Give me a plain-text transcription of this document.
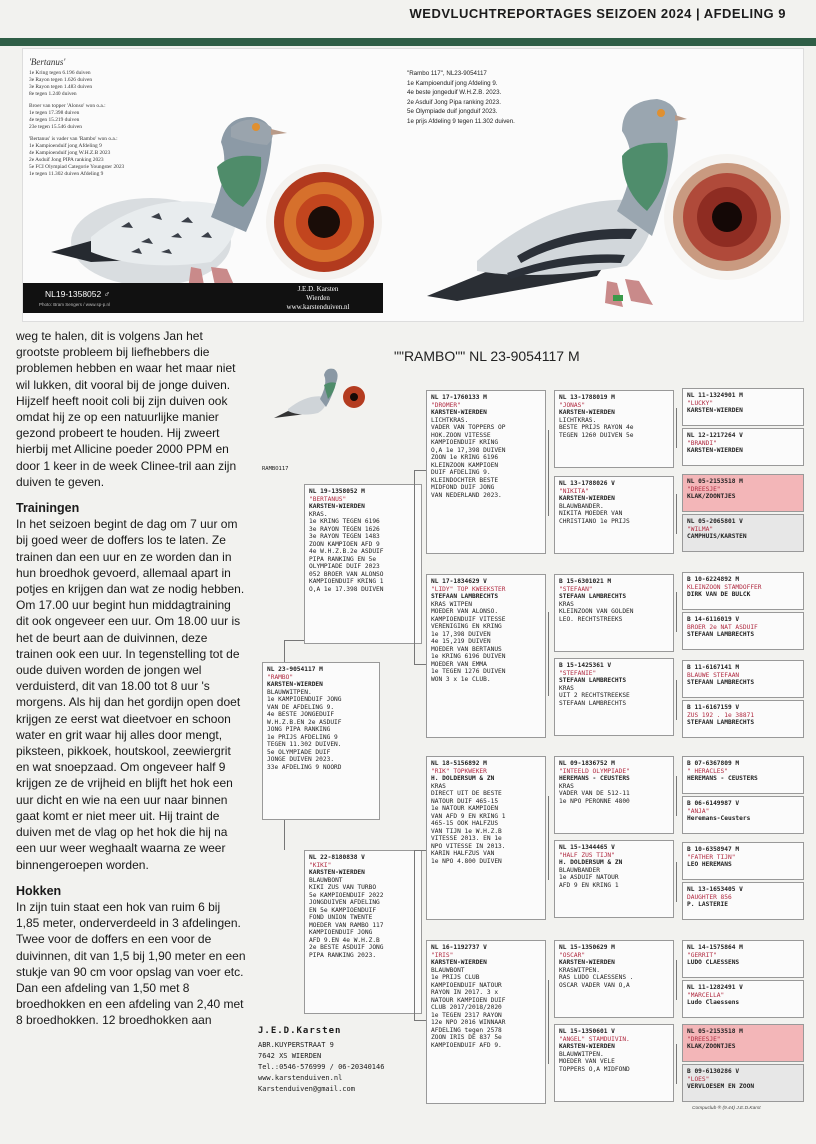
WEDVLUCHTREPORTAGES SEIZOEN 2024 | AFDELING 9
'Bertanus'
1e Kring tegen 6.196 duiven
3e Rayon tegen 1.626 duiven
3e Rayon tegen 1.483 duiven
8e tegen 1.240 duiven
Broer van topper 'Alonso' won o.a.:
1e tegen 17.398 duiven
4e tegen 15.219 duiven
23e tegen 15.546 duiven
'Bertanus' is vader van 'Rambo' won o.a.:
1e Kampioenduif jong Afdeling 9
4e Kampioenduif jong W.H.Z.B 2023
2e Asduif Jong PIPA ranking 2023
5e FCI Olympiad Categorie Youngster 2023
1e tegen 11.302 duiven Afdeling 9
"Rambo 117", NL23-9054117
1e Kampioenduif jong Afdeling 9.
4e beste jongeduif W.H.Z.B. 2023.
2e Asduif Jong Pipa ranking 2023.
5e Olympiade duif jongduif 2023.
1e prijs Afdeling 9 tegen 11.302 duiven.
NL19-1358052 ♂
Photo: Bram Sengers / www.sp-p.nl
J.E.D. Karsten
Wierden
www.karstenduiven.nl

weg te halen, dit is volgens Jan het grootste probleem bij liefhebbers die problemen hebben en waar het maar niet wil lukken, dit vooral bij de jonge duiven. Hijzelf heeft nooit coli bij zijn duiven ook omdat hij ze op een natuurlijke manier gezond probeert te houden. Hij zweert hierbij met Allicine poeder 2000 PPM en door 1 keer in de week Clinee-tril aan zijn duiven te geven.

Trainingen

In het seizoen begint de dag om 7 uur om bij goed weer de doffers los te laten. Ze trainen dan een uur en ze worden dan in hun broedhok gevoerd, allemaal apart in potjes en krijgen dan wat ze nodig hebben. Om 17.00 uur begint hun middagtraining dit ook ongeveer een uur. Om 18.00 uur is het de beurt aan de duivinnen, deze trainen ook een uur. In tegenstelling tot de oude duiven worden de jongen wel verduisterd, dit van 18.00 tot 8 uur 's morgens. Als hij dan het gordijn open doet krijgen ze eerst wat dieetvoer en schoon water en grit waar hij alles door mengt, piksteen, pikkoek, houtskool, zeewiergrit en wat snoepzaad. Om ongeveer half 9 krijgen ze de vrijheid en blijft het hok een uur dicht en wie na een uur naar binnen gaat komt er niet meer uit. Hij traint de duiven met de vlag op het hok die hij na een uur weer weghaalt waarna ze weer binnengeroepen worden.

Hokken

In zijn tuin staat een hok van ruim 6 bij 1,85 meter, onderverdeeld in 3 afdelingen. Twee voor de doffers en een voor de duivinnen, dit van 1,5 bij 1,90 meter en een stukje van 90 cm voor opslag van voer etc. Dan een afdeling van 1,50 met 8 broedhokken en een afdeling van 2,40 met 8 broedhokken. 12 broedhokken aan

""RAMBO"" NL 23-9054117 M
RAMBO117
NL 23-9054117 M
"RAMBO"
KARSTEN-WIERDEN
BLAUWWITPEN.
1e KAMPIOENDUIF JONG
VAN DE AFDELING 9.
4e BESTE JONGEDUIF
W.H.Z.B.EN 2e ASDUIF
JONG PIPA RANKING
1e PRIJS AFDELING 9
TEGEN 11.302 DUIVEN.
5e OLYMPIADE DUIF
JONGE DUIVEN 2023.
33e AFDELING 9 NOORD
NL 19-1358052 M
"BERTANUS"
KARSTEN-WIERDEN
KRAS.
1e KRING TEGEN 6196
3e RAYON TEGEN 1626
3e RAYON TEGEN 1483
ZOON KAMPIOEN AFD 9
4e W.H.Z.B.2e ASDUIF
PIPA RANKING EN 5e
OLYMPIADE DUIF 2023
052 BROER VAN ALONSO
KAMPIOENDUIF KRING 1
O,A 1e 17.398 DUIVEN
NL 22-8180838 V
"KIKI"
KARSTEN-WIERDEN
BLAUWBONT
KIKI ZUS VAN TURBO
5e KAMPIOENDUIF 2022
JONGDUIVEN AFDELING
EN 5e KAMPIOENDUIF
FOND UNION TWENTE
MOEDER VAN RAMBO 117
KAMPIOENDUIF JONG
AFD 9.EN 4e W.H.Z.B
2e BESTE ASDUIF JONG
PIPA RANKING 2023.
NL 17-1760133 M
"DROMER"
KARSTEN-WIERDEN
LICHTKRAS.
VADER VAN TOPPERS OP
HOK.ZOON VITESSE
KAMPIOENDUIF KRING
O,A 1e 17,398 DUIVEN
ZOON 1e KRING 6196
KLEINZOON KAMPIOEN
DUIF AFDELING 9.
KLEINDOCHTER BESTE
MIDFOND DUIF JONG
VAN NEDERLAND 2023.
NL 17-1834629 V
"LIDY" TOP KWEEKSTER
STEFAAN LAMBRECHTS
KRAS WITPEN
MOEDER VAN ALONSO.
KAMPIOENDUIF VITESSE
VERENIGING EN KRING
1e 17,398 DUIVEN
4e 15,219 DUIVEN
MOEDER VAN BERTANUS
1e KRING 6196 DUIVEN
MOEDER VAN EMMA
1e TEGEN 1276 DUIVEN
WON 3 x 1e CLUB.
NL 18-5156892 M
"RIK" TOPKWEKER
H. DOLDERSUM & ZN
KRAS
DIRECT UIT DE BESTE
NATOUR DUIF 465-15
1e NATOUR KAMPIOEN
VAN AFD 9 EN KRING 1
465-15 OOK HALFZUS
VAN TIJN 1e W.H.Z.B
VITESSE 2013. EN 1e
NPO VITESSE IN 2013.
KARIN HALFZUS VAN
1e NPO 4.800 DUIVEN
NL 16-1192737 V
"IRIS"
KARSTEN-WIERDEN
BLAUWBONT
1e PRIJS CLUB
KAMPIOENDUIF NATOUR
RAYON IN 2017. 3 x
NATOUR KAMPIOEN DUIF
CLUB 2017/2018/2020
1e TEGEN 2317 RAYON
12e NPO 2016 WINNAAR
AFDELING tegen 2578
ZOON IRIS DE 837 5e
KAMPIOENDUIF AFD 9.
NL 13-1788019 M
"JONAS"
KARSTEN-WIERDEN
LICHTKRAS.
BESTE PRIJS RAYON 4e
TEGEN 1260 DUIVEN 5e
NL 13-1788026 V
"NIKITA"
KARSTEN-WIERDEN
BLAUWBANDER.
NIKITA MOEDER VAN
CHRISTIANO 1e PRIJS
B 15-6301021 M
"STEFAAN"
STEFAAN LAMBRECHTS
KRAS
KLEINZOON VAN GOLDEN
LEO. RECHTSTREEKS
B 15-1425361 V
"STEFANIE"
STEFAAN LAMBRECHTS
KRAS
UIT 2 RECHTSTREEKSE
STEFAAN LAMBRECHTS
NL 09-1836752 M
"INTEELD OLYMPIADE"
HEREMANS - CEUSTERS
KRAS
VADER VAN DE 512-11
1e NPO PERONNE 4800
NL 15-1344465 V
"HALF ZUS TIJN"
H. DOLDERSUM & ZN
BLAUWBANDER
1e ASDUIF NATOUR
AFD 9 EN KRING 1
NL 15-1350629 M
"OSCAR"
KARSTEN-WIERDEN
KRASWITPEN.
RAS LUDO CLAESSENS .
OSCAR VADER VAN O,A
NL 15-1350601 V
"ANGEL" STAMDUIVIN.
KARSTEN-WIERDEN
BLAUWWITPEN.
MOEDER VAN VELE
TOPPERS O,A MIDFOND
NL 11-1324901 M
"LUCKY"
KARSTEN-WIERDEN
NL 12-1217264 V
"BRANDI"
KARSTEN-WIERDEN
NL 05-2153518 M
"DREESJE"
KLAK/ZOONTJES
NL 05-2065801 V
"WILMA"
CAMPHUIS/KARSTEN
B 10-6224892 M
KLEINZOON STAMDOFFER
DIRK VAN DE BULCK
B 14-6116019 V
BROER 2e NAT ASDUIF
STEFAAN LAMBRECHTS
B 11-6167141 M
BLAUWE STEFAAN
STEFAAN LAMBRECHTS
B 11-6167159 V
ZUS 192 . 1e 38871
STEFAAN LAMBRECHTS
B 07-6367809 M
" HERACLES"
HEREMANS - CEUSTERS
B 06-6149987 V
"ANJA"
Heremans-Ceusters
B 10-6358947 M
"FATHER TIJN"
LEO HEREMANS
NL 13-1653405 V
DAUGHTER 856
P. LASTERIE
NL 14-1575864 M
"GERRIT"
LUDO CLAESSENS
NL 11-1282491 V
"MARCELLA"
Ludo Claessens
NL 05-2153518 M
"DREESJE"
KLAK/ZOONTJES
B 09-6130286 V
"LOES"
VERVLOESEM EN ZOON
J.E.D.Karsten
ABR.KUYPERSTRAAT 9
7642 XS WIERDEN
Tel.:0546-576999 / 06-20340146
www.karstenduiven.nl
Karstenduiven@gmail.com
Compuclub ® (9.44) J.E.D.Karst
